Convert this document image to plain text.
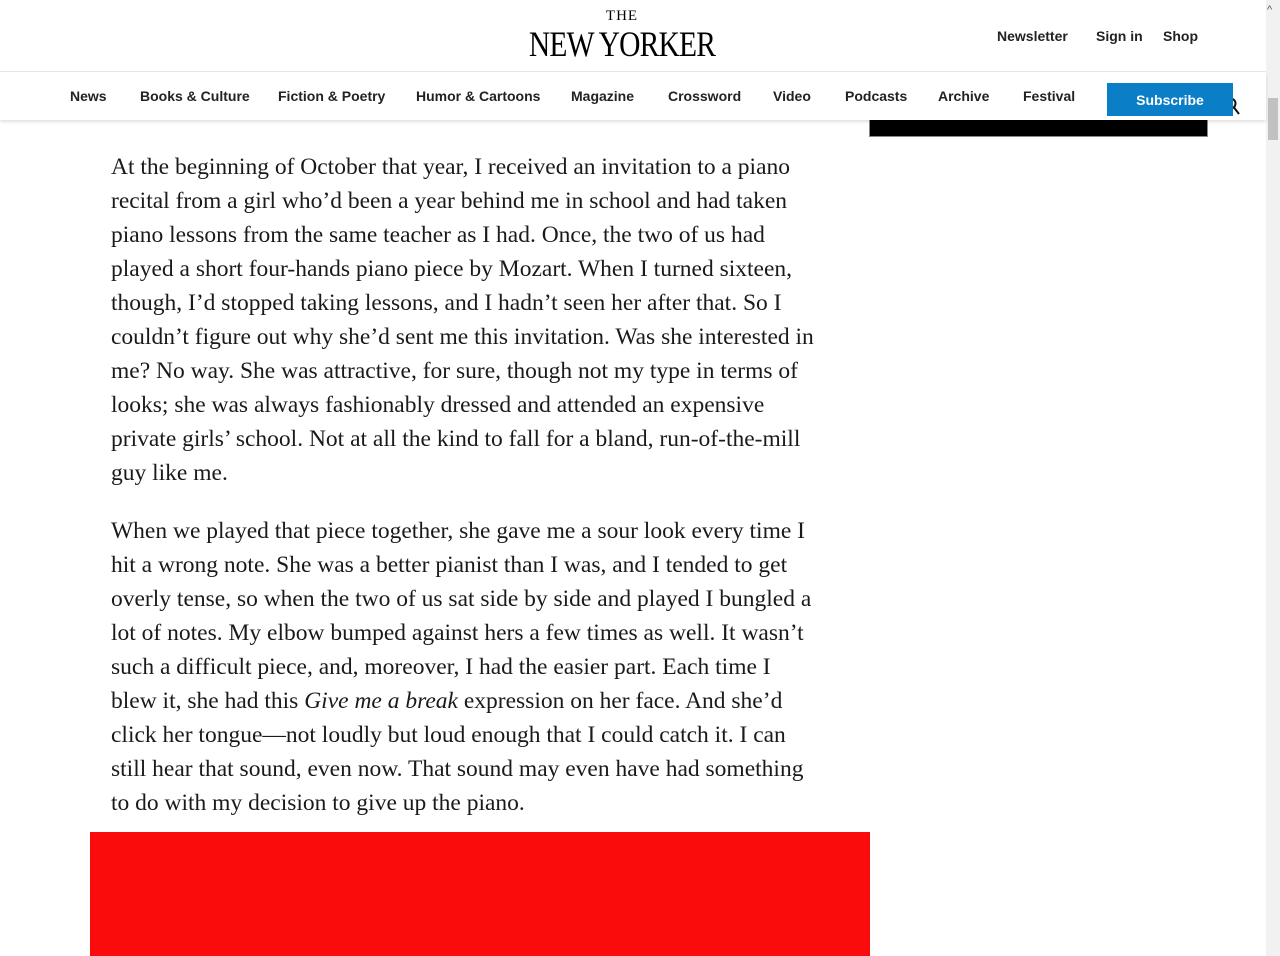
THE
NEW YORKER	Newsletter Sign in Shop
News Books & Culture Fiction & Poetry Humor & Cartoons Magazine Crossword Video Podcasts Archive Festival	Subscribe

At the beginning of October that year, I received an invitation to a piano
recital from a girl who’d been a year behind me in school and had taken
piano lessons from the same teacher as I had. Once, the two of us had
played a short four-hands piano piece by Mozart. When I turned sixteen,
though, I’d stopped taking lessons, and I hadn’t seen her after that. So I
couldn’t figure out why she’d sent me this invitation. Was she interested in
me? No way. She was attractive, for sure, though not my type in terms of
looks; she was always fashionably dressed and attended an expensive
private girls’ school. Not at all the kind to fall for a bland, run-of-the-mill
guy like me.

When we played that piece together, she gave me a sour look every time I
hit a wrong note. She was a better pianist than I was, and I tended to get
overly tense, so when the two of us sat side by side and played I bungled a
lot of notes. My elbow bumped against hers a few times as well. It wasn’t
such a difficult piece, and, moreover, I had the easier part. Each time I
blew it, she had this Give me a break expression on her face. And she’d
click her tongue—not loudly but loud enough that I could catch it. I can
still hear that sound, even now. That sound may even have had something
to do with my decision to give up the piano.

^
